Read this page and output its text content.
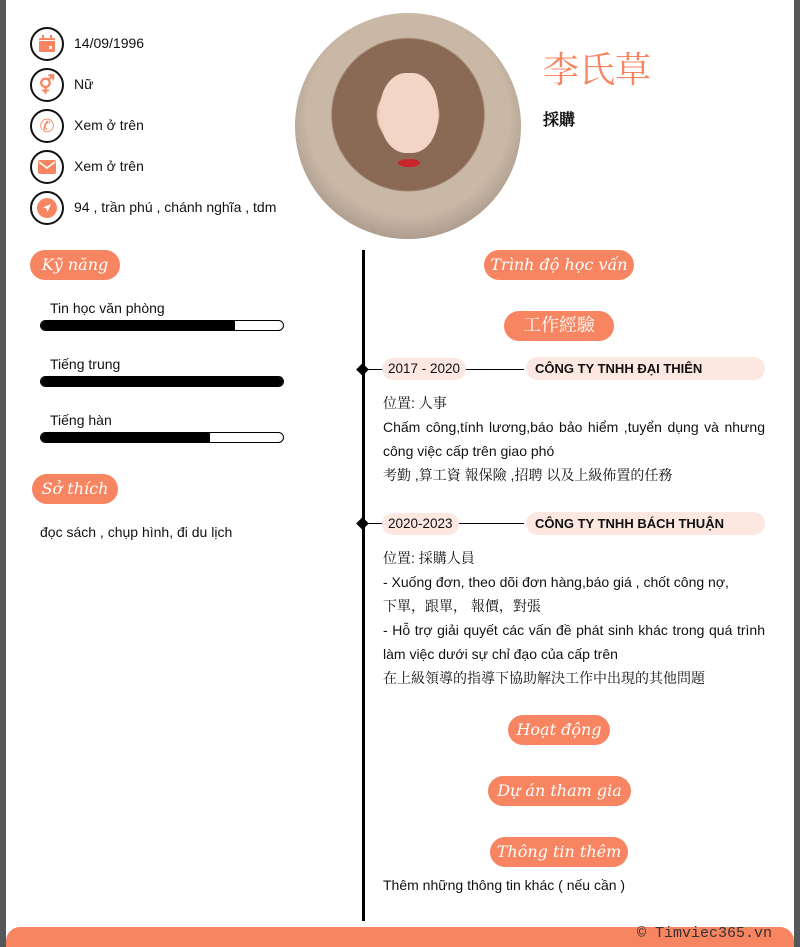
14/09/1996
⚥	Nữ
✆	Xem ở trên
Xem ở trên
94 , trần phú , chánh nghĩa , tdm
李氏草
採購
Kỹ năng
Tin học văn phòng
Tiếng trung
Tiếng hàn
Sở thích
đọc sách , chụp hình, đi du lịch
Trình độ học vấn
工作經驗
2017 - 2020	CÔNG TY TNHH ĐẠI THIÊN
位置: 人事
Chấm công,tính lương,báo bảo hiểm ,tuyển dụng và nhưng công việc cấp trên giao phó
考勤 ,算工資 報保險 ,招聘 以及上級佈置的任務
2020-2023	CÔNG TY TNHH BÁCH THUẬN
位置: 採購人員
- Xuống đơn, theo dõi đơn hàng,báo giá , chốt công nợ,
下單，跟單， 報價，對張
- Hỗ trợ giải quyết các vấn đề phát sinh khác trong quá trình làm việc dưới sự chỉ đạo của cấp trên
在上級領導的指導下協助解決工作中出現的其他問題
Hoạt động
Dự án tham gia
Thông tin thêm
Thêm những thông tin khác ( nếu cần )
© Timviec365.vn
